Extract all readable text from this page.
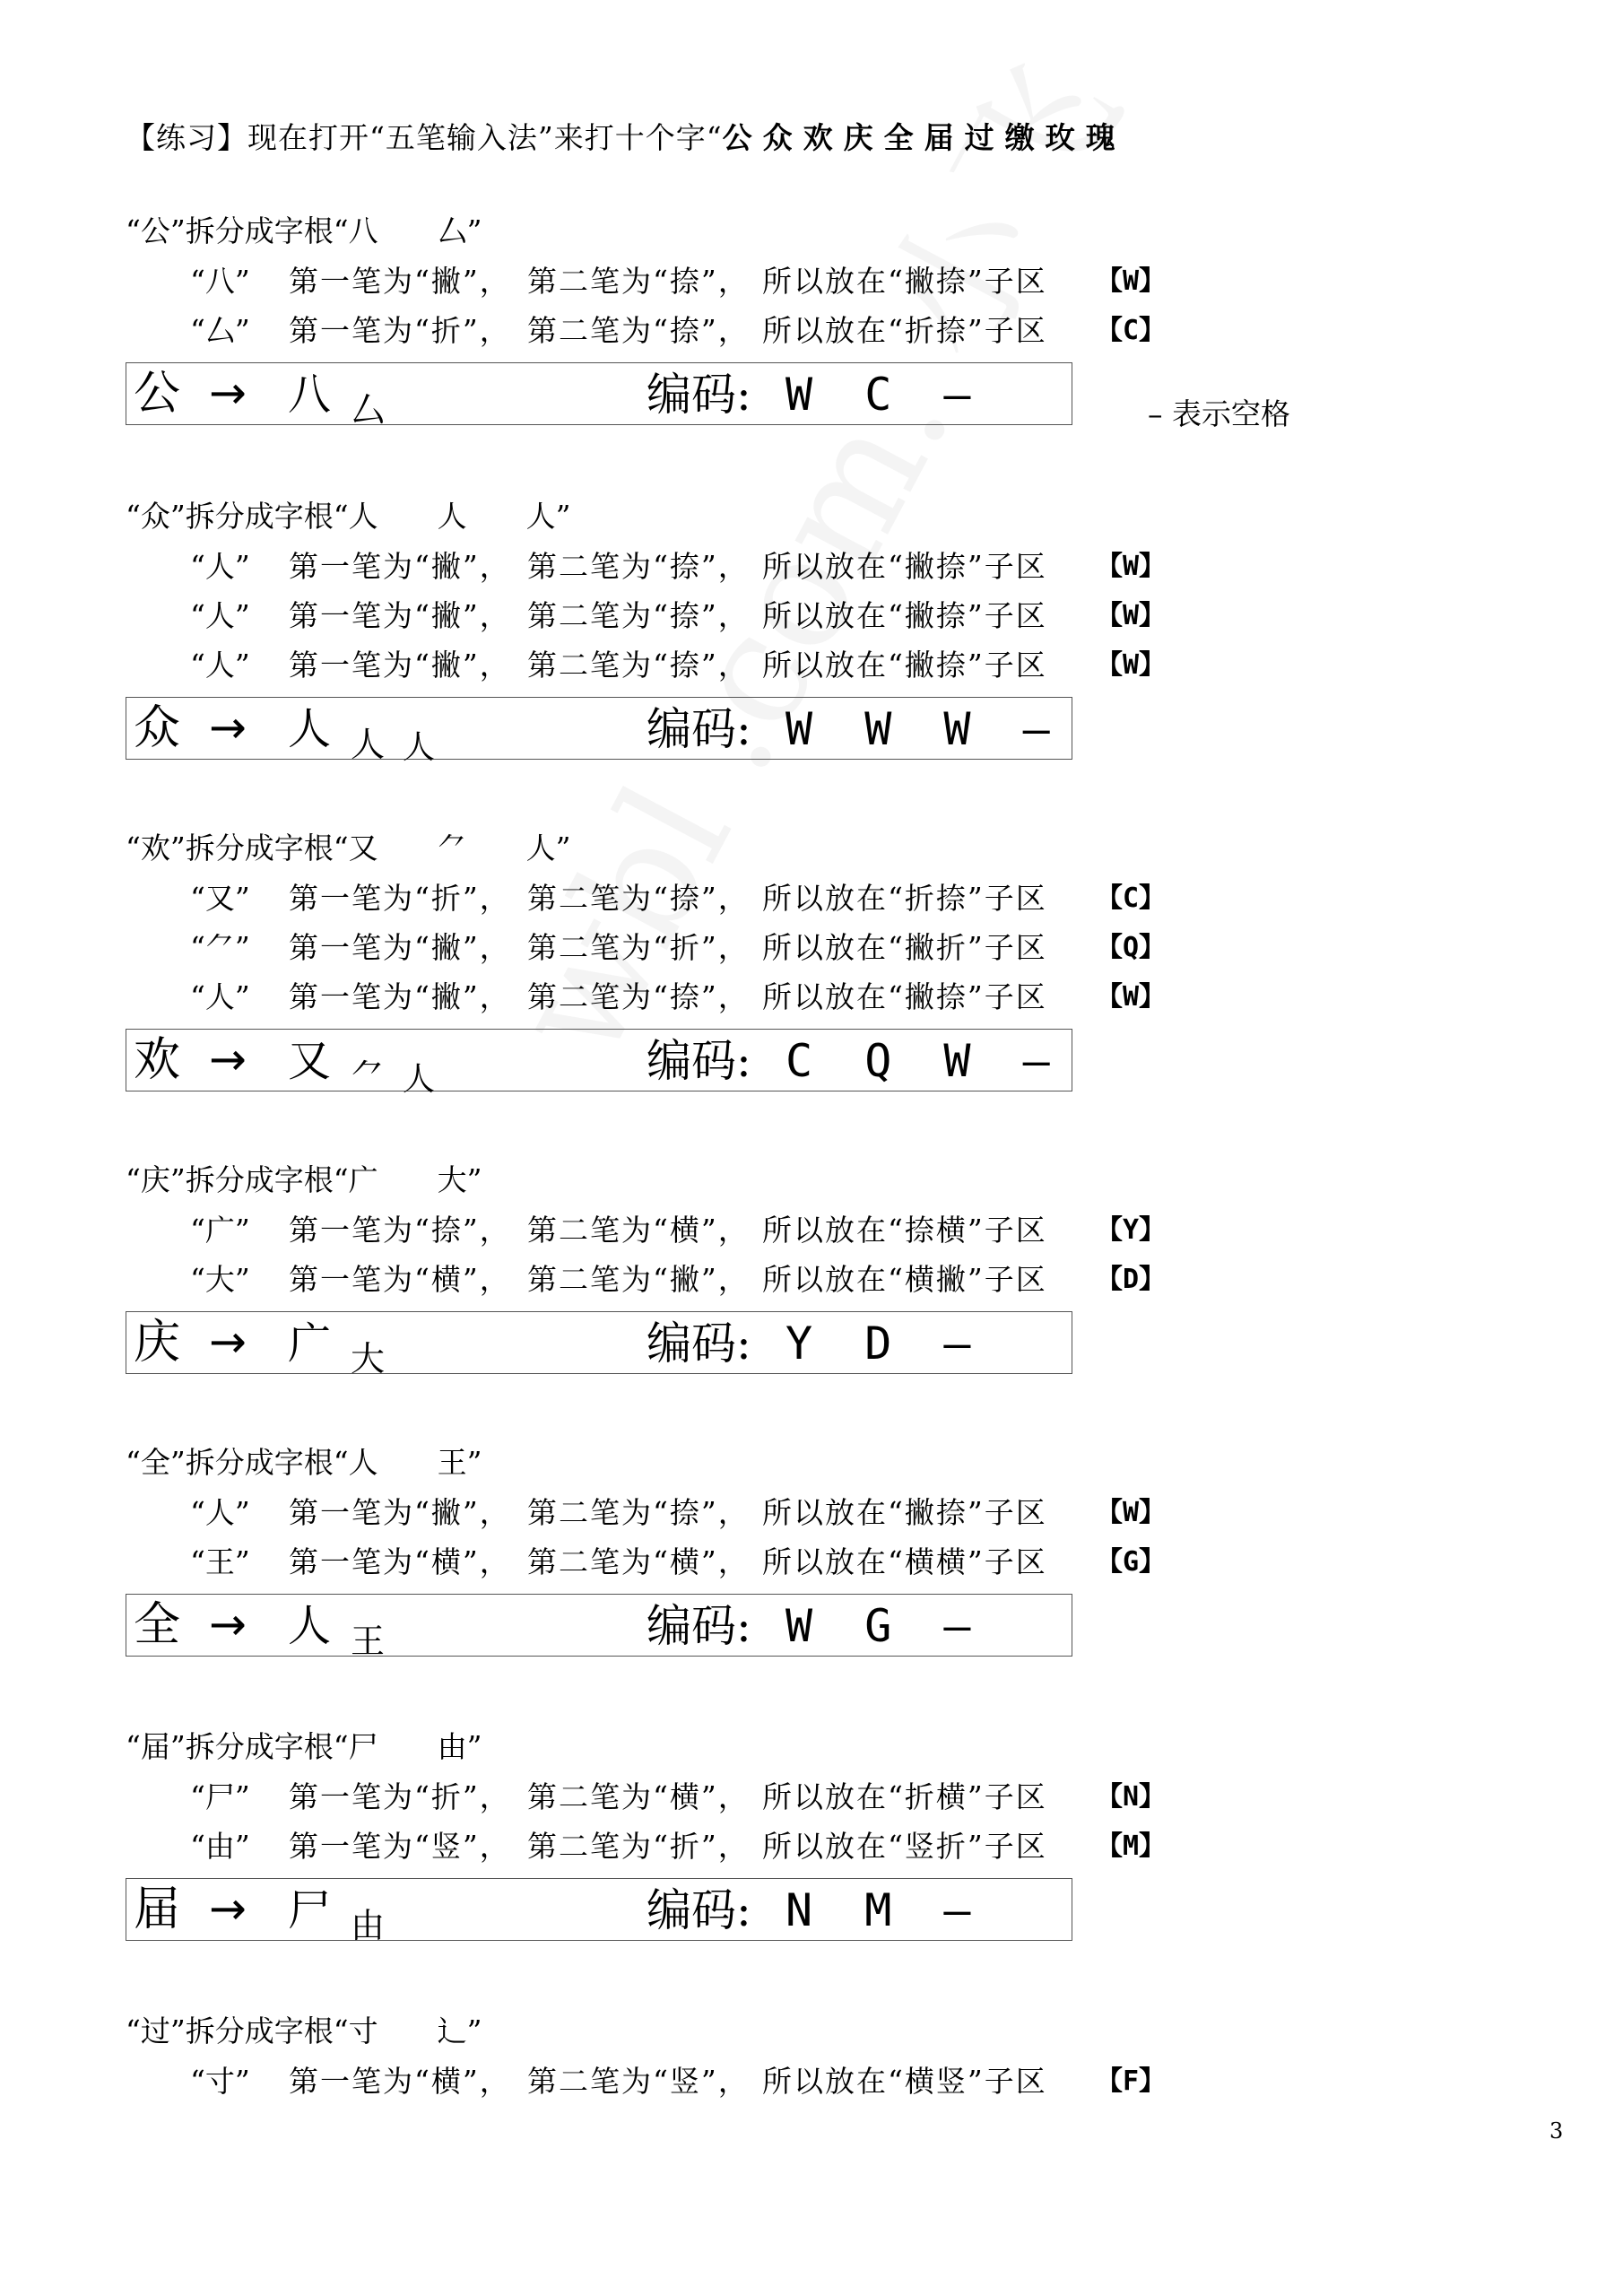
【练习】现在打开“五笔输入法”来打十个字“公众欢庆全届过缴玫瑰
– 表示空格
“公”拆分成字根“八　　厶”
“八” 第一笔为“撇”， 第二笔为“捺”， 所以放在“撇捺”子区 【W】
“厶” 第一笔为“折”， 第二笔为“捺”， 所以放在“折捺”子区 【C】
公 → 八 $_厶$	编码: W C –
“众”拆分成字根“人　　人　　人”
“人” 第一笔为“撇”， 第二笔为“捺”， 所以放在“撇捺”子区 【W】
“人” 第一笔为“撇”， 第二笔为“捺”， 所以放在“撇捺”子区 【W】
“人” 第一笔为“撇”， 第二笔为“捺”， 所以放在“撇捺”子区 【W】
众 → 人 $_人$ $_人$	编码: W W W –
“欢”拆分成字根“又　　⺈　　人”
“又” 第一笔为“折”， 第二笔为“捺”， 所以放在“折捺”子区 【C】
“⺈” 第一笔为“撇”， 第二笔为“折”， 所以放在“撇折”子区 【Q】
“人” 第一笔为“撇”， 第二笔为“捺”， 所以放在“撇捺”子区 【W】
欢 → 又 $_⺈$ $_人$	编码: C Q W –
“庆”拆分成字根“广　　大”
“广” 第一笔为“捺”， 第二笔为“横”， 所以放在“捺横”子区 【Y】
“大” 第一笔为“横”， 第二笔为“撇”， 所以放在“横撇”子区 【D】
庆 → 广 $_大$	编码: Y D –
“全”拆分成字根“人　　王”
“人” 第一笔为“撇”， 第二笔为“捺”， 所以放在“撇捺”子区 【W】
“王” 第一笔为“横”， 第二笔为“横”， 所以放在“横横”子区 【G】
全 → 人 $_王$	编码: W G –
“届”拆分成字根“尸　　由”
“尸” 第一笔为“折”， 第二笔为“横”， 所以放在“折横”子区 【N】
“由” 第一笔为“竖”， 第二笔为“折”， 所以放在“竖折”子区 【M】
届 → 尸 $_由$	编码: N M –
“过”拆分成字根“寸　　辶”
“寸” 第一笔为“横”， 第二笔为“竖”， 所以放在“横竖”子区 【F】
3
